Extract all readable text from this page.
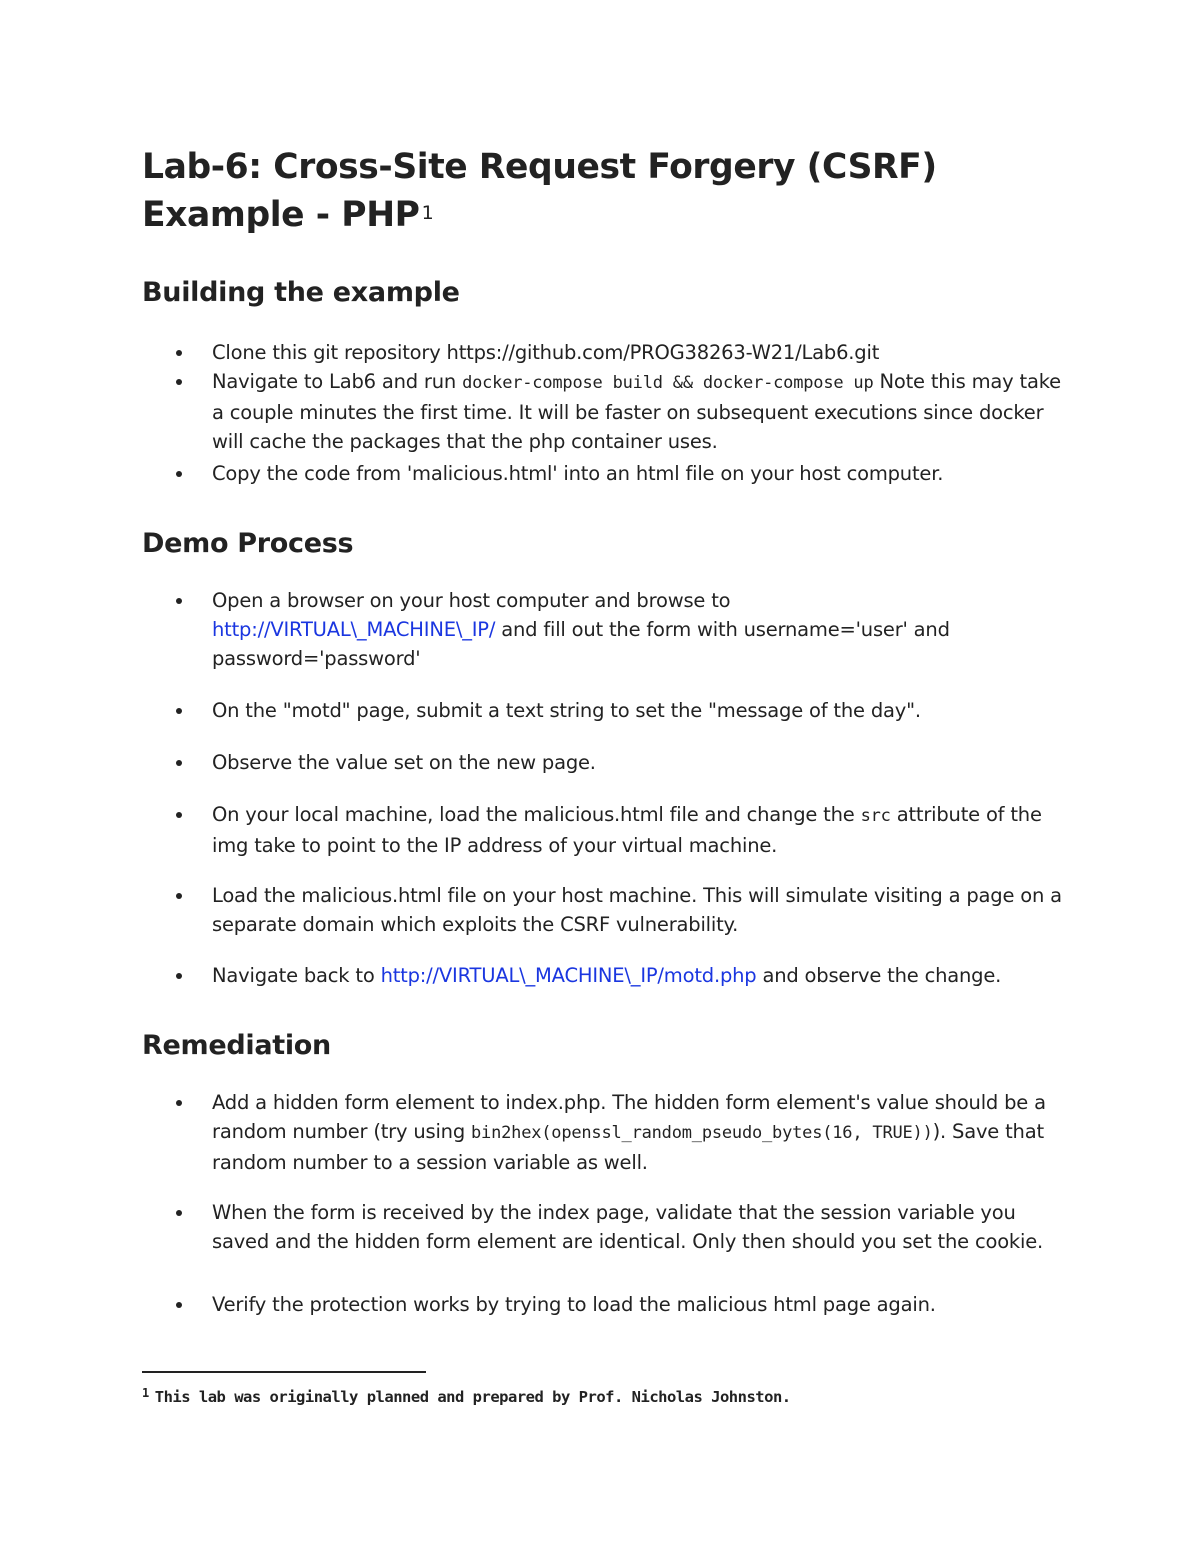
Lab-6: Cross-Site Request Forgery (CSRF) Example - PHP $^1$
Building the example
Clone this git repository https://github.com/PROG38263-W21/Lab6.git
Navigate to Lab6 and run docker-compose build && docker-compose up Note this may take a couple minutes the first time. It will be faster on subsequent executions since docker will cache the packages that the php container uses.
Copy the code from 'malicious.html' into an html file on your host computer.
Demo Process
Open a browser on your host computer and browse to http://VIRTUAL\_MACHINE\_IP/ and fill out the form with username='user' and password='password'
On the "motd" page, submit a text string to set the "message of the day".
Observe the value set on the new page.
On your local machine, load the malicious.html file and change the src attribute of the img take to point to the IP address of your virtual machine.
Load the malicious.html file on your host machine. This will simulate visiting a page on a separate domain which exploits the CSRF vulnerability.
Navigate back to http://VIRTUAL\_MACHINE\_IP/motd.php and observe the change.
Remediation
Add a hidden form element to index.php. The hidden form element's value should be a random number (try using bin2hex(openssl_random_pseudo_bytes(16, TRUE))). Save that random number to a session variable as well.
When the form is received by the index page, validate that the session variable you saved and the hidden form element are identical. Only then should you set the cookie.
Verify the protection works by trying to load the malicious html page again.
$^1$ This lab was originally planned and prepared by Prof. Nicholas Johnston.
